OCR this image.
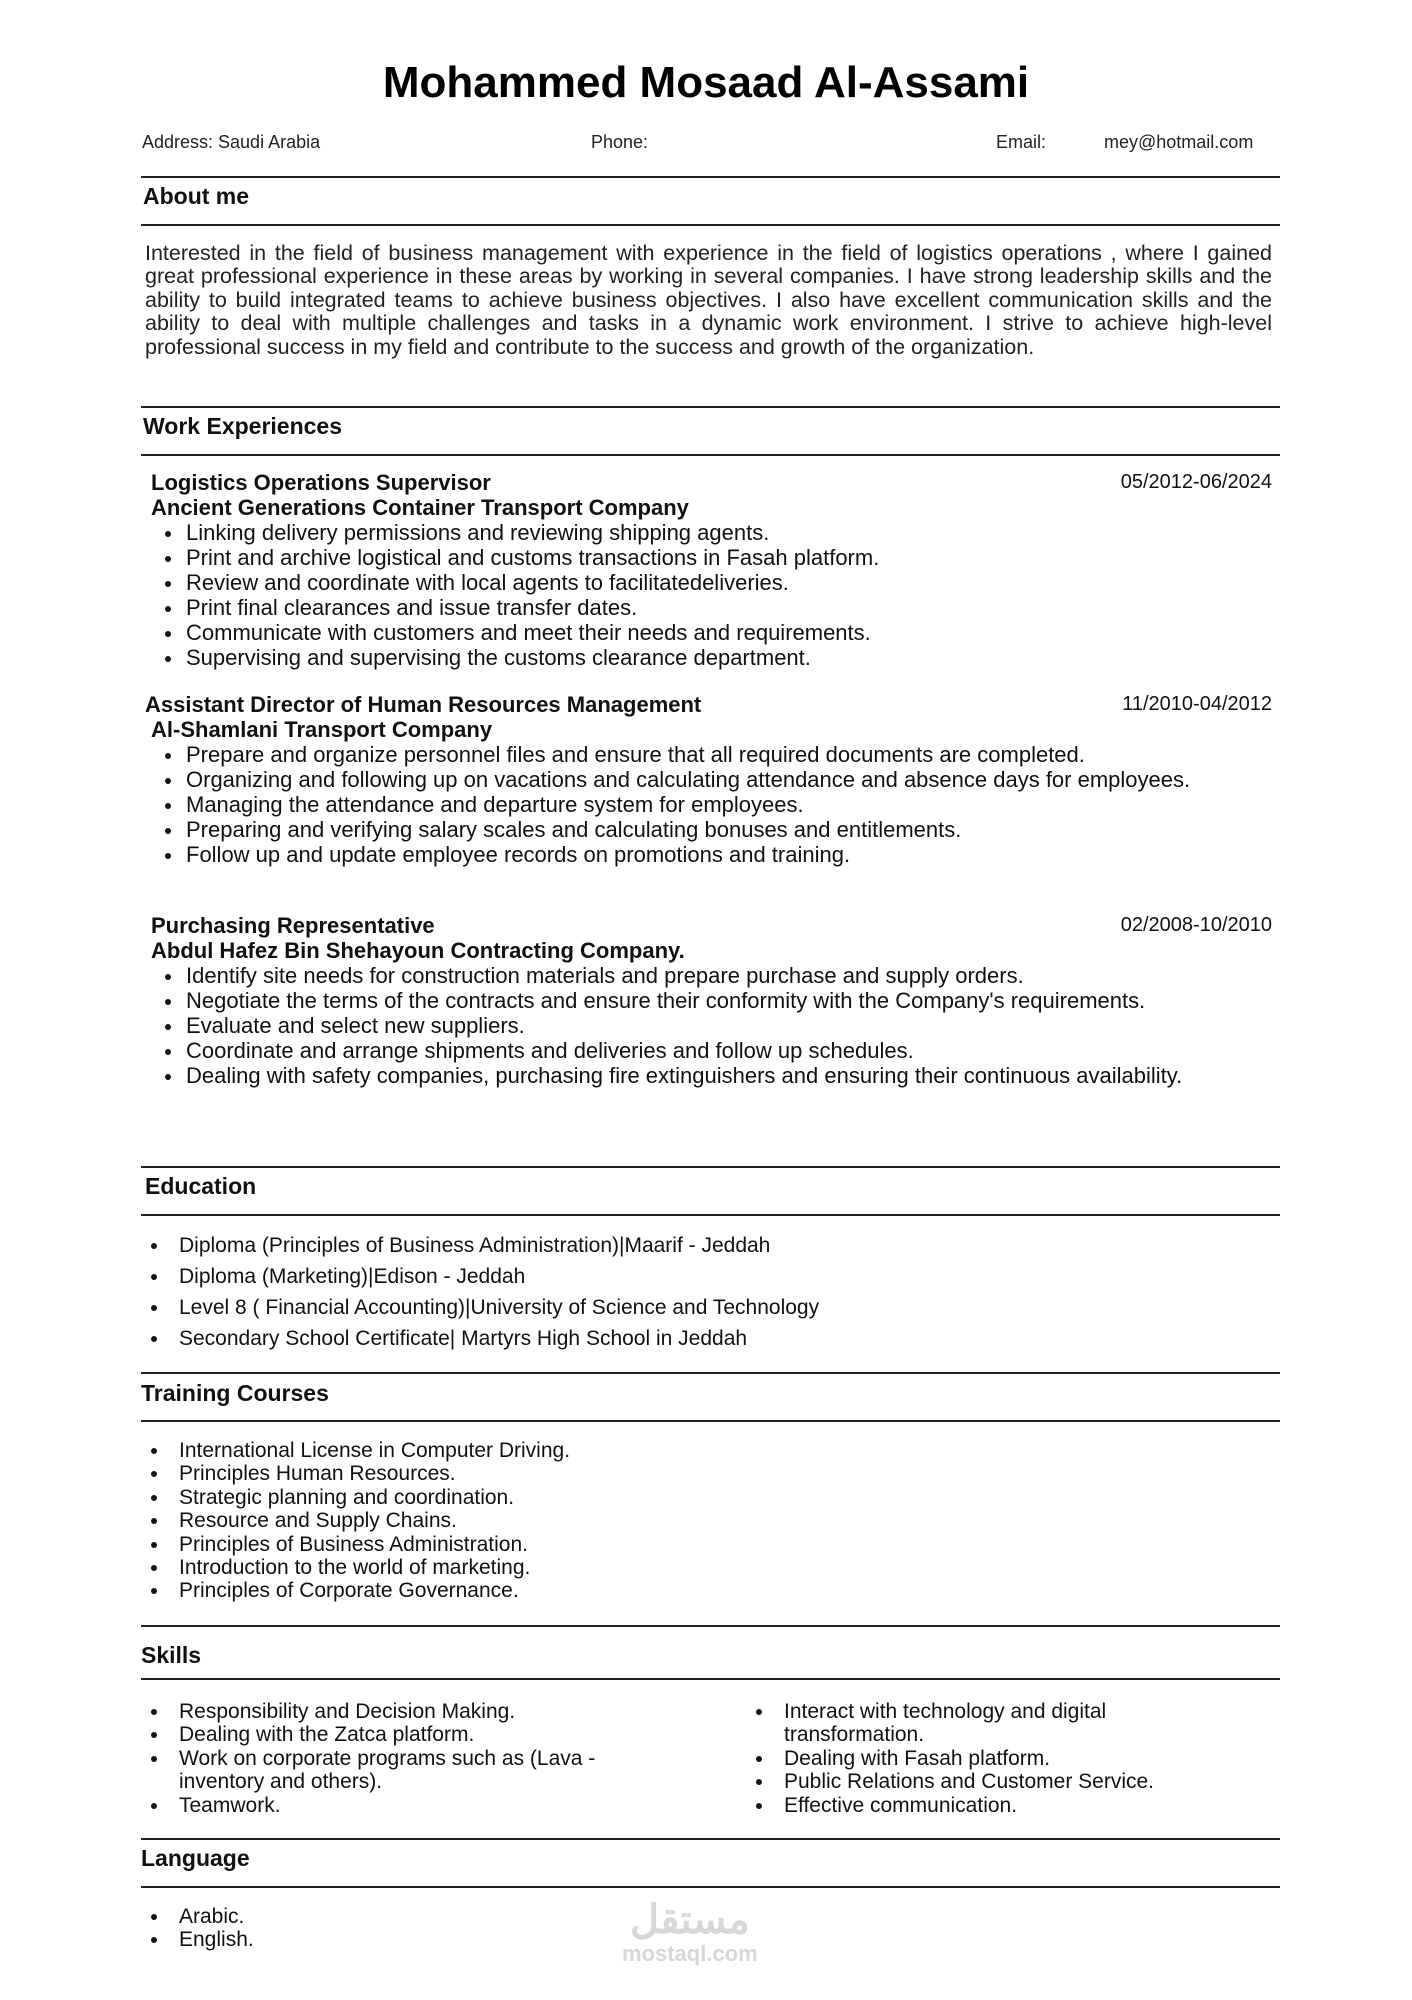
Mohammed Mosaad Al-Assami
Address: Saudi Arabia	Phone:	Email:	mey@hotmail.com
About me

Interested in the field of business management with experience in the field of logistics operations , where I gained great professional experience in these areas by working in several companies. I have strong leadership skills and the ability to build integrated teams to achieve business objectives. I also have excellent communication skills and the ability to deal with multiple challenges and tasks in a dynamic work environment. I strive to achieve high-level professional success in my field and contribute to the success and growth of the organization.

Work Experiences
Logistics Operations Supervisor	05/2012-06/2024
Ancient Generations Container Transport Company
Linking delivery permissions and reviewing shipping agents.
Print and archive logistical and customs transactions in Fasah platform.
Review and coordinate with local agents to facilitatedeliveries.
Print final clearances and issue transfer dates.
Communicate with customers and meet their needs and requirements.
Supervising and supervising the customs clearance department.
Assistant Director of Human Resources Management	11/2010-04/2012
Al-Shamlani Transport Company
Prepare and organize personnel files and ensure that all required documents are completed.
Organizing and following up on vacations and calculating attendance and absence days for employees.
Managing the attendance and departure system for employees.
Preparing and verifying salary scales and calculating bonuses and entitlements.
Follow up and update employee records on promotions and training.
Purchasing Representative	02/2008-10/2010
Abdul Hafez Bin Shehayoun Contracting Company.
Identify site needs for construction materials and prepare purchase and supply orders.
Negotiate the terms of the contracts and ensure their conformity with the Company's requirements.
Evaluate and select new suppliers.
Coordinate and arrange shipments and deliveries and follow up schedules.
Dealing with safety companies, purchasing fire extinguishers and ensuring their continuous availability.
Education
Diploma (Principles of Business Administration)|Maarif - Jeddah
Diploma (Marketing)|Edison - Jeddah
Level 8 ( Financial Accounting)|University of Science and Technology
Secondary School Certificate| Martyrs High School in Jeddah
Training Courses
International License in Computer Driving.
Principles Human Resources.
Strategic planning and coordination.
Resource and Supply Chains.
Principles of Business Administration.
Introduction to the world of marketing.
Principles of Corporate Governance.
Skills
Responsibility and Decision Making.
Dealing with the Zatca platform.
Work on corporate programs such as (Lava - inventory and others).
Teamwork.
Interact with technology and digital transformation.
Dealing with Fasah platform.
Public Relations and Customer Service.
Effective communication.
Language
Arabic.
English.	مستقل
mostaql.com
